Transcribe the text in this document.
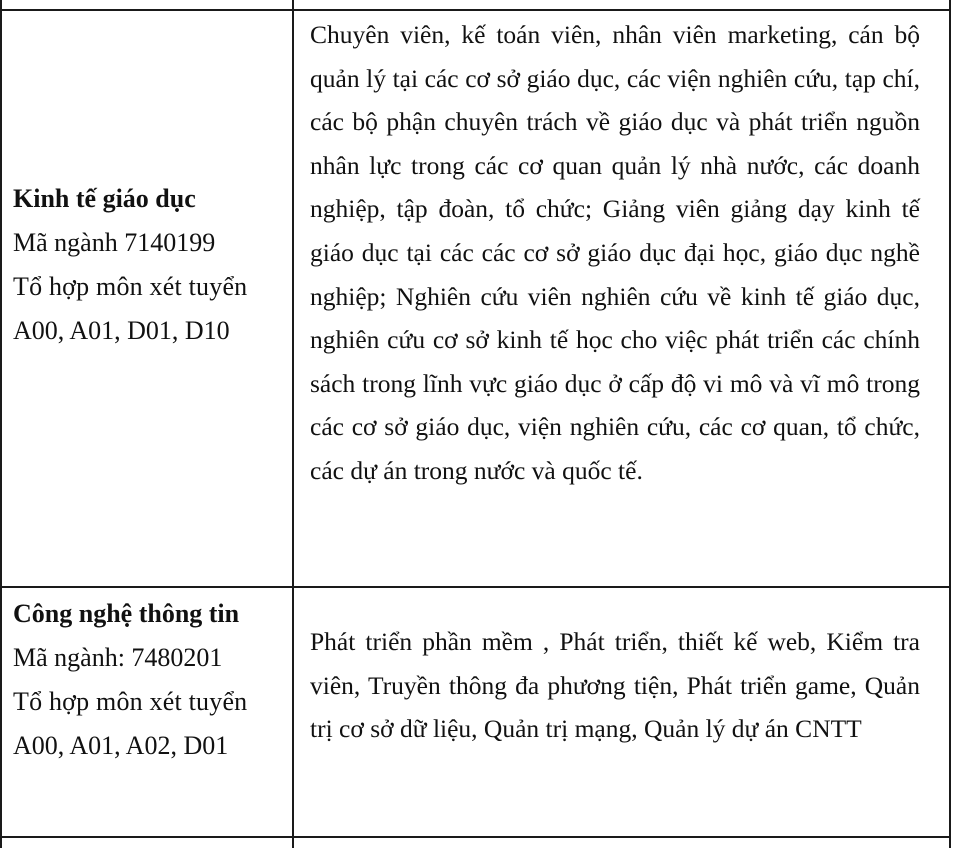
Kinh tế giáo dục
Mã ngành 7140199
Tổ hợp môn xét tuyển
A00, A01, D01, D10
Chuyên viên, kế toán viên, nhân viên marketing, cán bộ quản lý tại các cơ sở giáo dục, các viện nghiên cứu, tạp chí, các bộ phận chuyên trách về giáo dục và phát triển nguồn nhân lực trong các cơ quan quản lý nhà nước, các doanh nghiệp, tập đoàn, tổ chức; Giảng viên giảng dạy kinh tế giáo dục tại các các cơ sở giáo dục đại học, giáo dục nghề nghiệp; Nghiên cứu viên nghiên cứu về kinh tế giáo dục, nghiên cứu cơ sở kinh tế học cho việc phát triển các chính sách trong lĩnh vực giáo dục ở cấp độ vi mô và vĩ mô trong các cơ sở giáo dục, viện nghiên cứu, các cơ quan, tổ chức, các dự án trong nước và quốc tế.
Công nghệ thông tin
Mã ngành: 7480201
Tổ hợp môn xét tuyển
A00, A01, A02, D01
Phát triển phần mềm , Phát triển, thiết kế web, Kiểm tra viên, Truyền thông đa phương tiện, Phát triển game, Quản trị cơ sở dữ liệu, Quản trị mạng, Quản lý dự án CNTT
